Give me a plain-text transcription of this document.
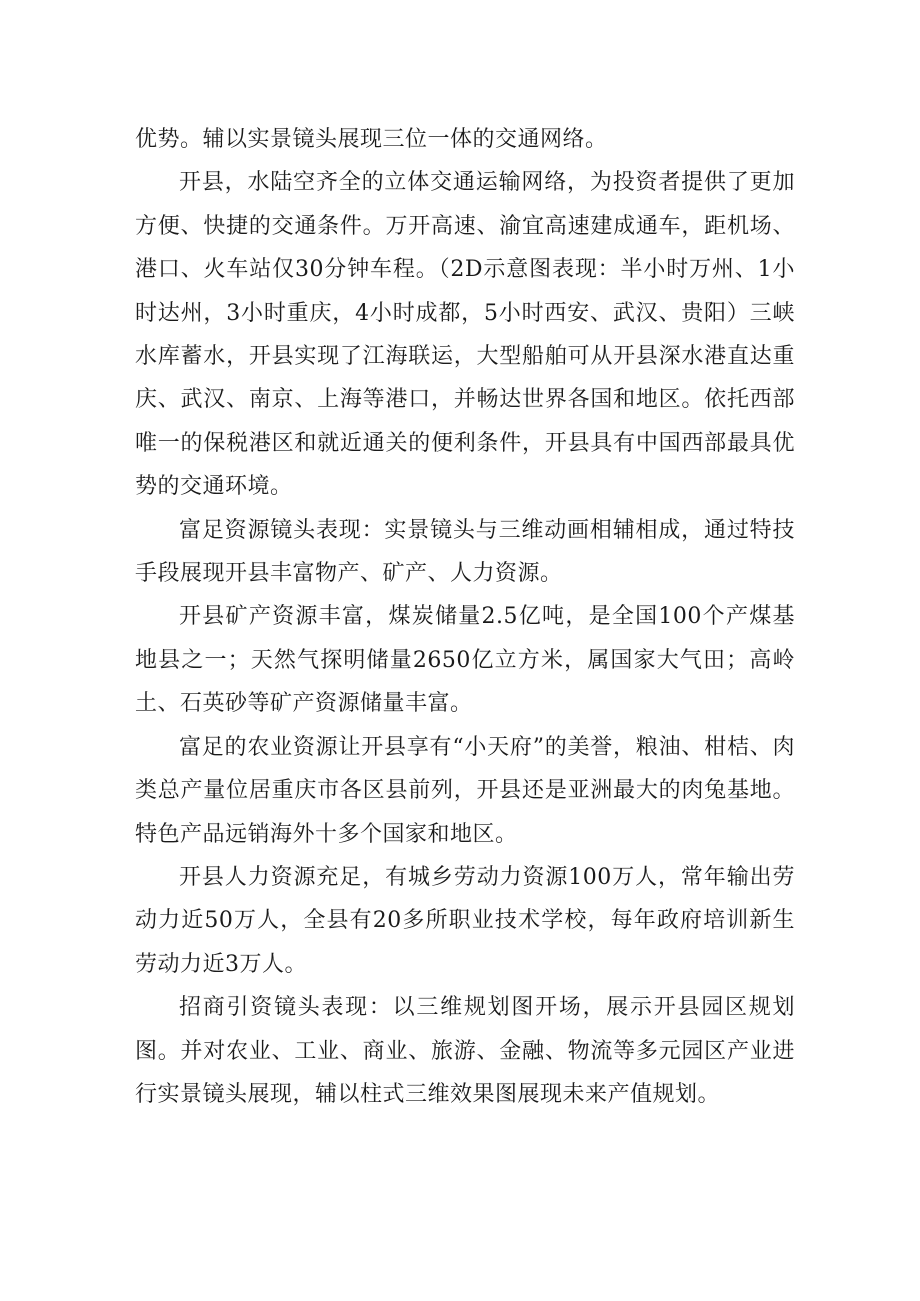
优势。辅以实景镜头展现三位一体的交通网络。

开县，水陆空齐全的立体交通运输网络，为投资者提供了更加方便、快捷的交通条件。万开高速、渝宜高速建成通车，距机场、港口、火车站仅30分钟车程。（2D示意图表现：半小时万州、1小时达州，3小时重庆，4小时成都，5小时西安、武汉、贵阳）三峡水库蓄水，开县实现了江海联运，大型船舶可从开县深水港直达重庆、武汉、南京、上海等港口，并畅达世界各国和地区。依托西部唯一的保税港区和就近通关的便利条件，开县具有中国西部最具优势的交通环境。

富足资源镜头表现：实景镜头与三维动画相辅相成，通过特技手段展现开县丰富物产、矿产、人力资源。

开县矿产资源丰富，煤炭储量2.5亿吨，是全国100个产煤基地县之一；天然气探明储量2650亿立方米，属国家大气田；高岭土、石英砂等矿产资源储量丰富。

富足的农业资源让开县享有“小天府”的美誉，粮油、柑桔、肉类总产量位居重庆市各区县前列，开县还是亚洲最大的肉兔基地。特色产品远销海外十多个国家和地区。

开县人力资源充足，有城乡劳动力资源100万人，常年输出劳动力近50万人，全县有20多所职业技术学校，每年政府培训新生劳动力近3万人。

招商引资镜头表现：以三维规划图开场，展示开县园区规划图。并对农业、工业、商业、旅游、金融、物流等多元园区产业进行实景镜头展现，辅以柱式三维效果图展现未来产值规划。
